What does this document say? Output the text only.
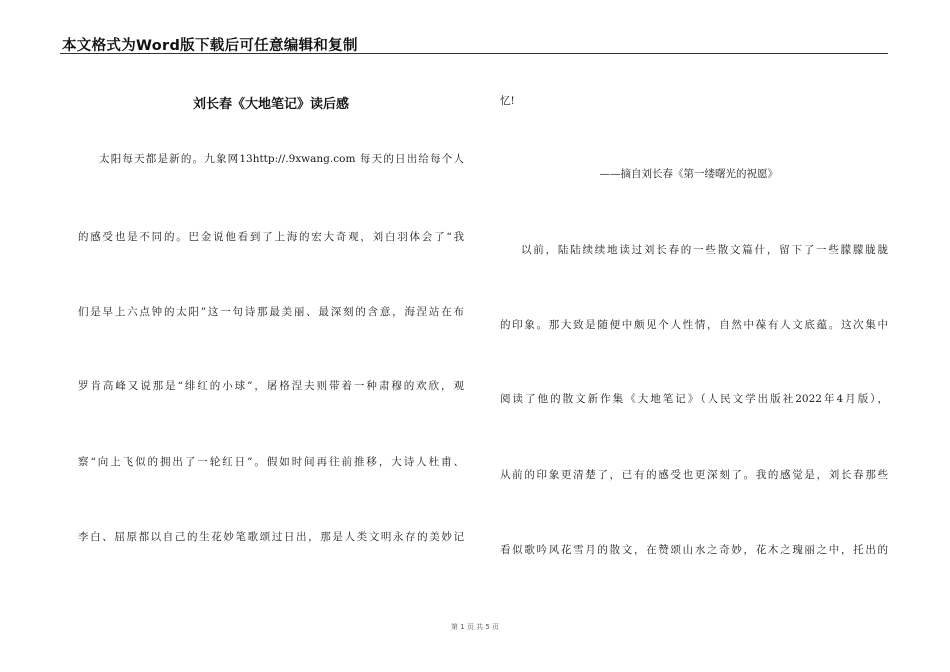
本文格式为Word版下载后可任意编辑和复制
刘长春《大地笔记》读后感
太阳每天都是新的。九象网13http://.9xwang.com 每天的日出给每个人
的感受也是不同的。巴金说他看到了上海的宏大奇观，刘白羽体会了“我
们是早上六点钟的太阳”这一句诗那最美丽、最深刻的含意，海涅站在布
罗肯高峰又说那是“绯红的小球”，屠格涅夫则带着一种肃穆的欢欣，观
察“向上飞似的拥出了一轮红日”。假如时间再往前推移，大诗人杜甫、
李白、屈原都以自己的生花妙笔歌颂过日出，那是人类文明永存的美妙记
忆!
——摘自刘长春《第一缕曙光的祝愿》
以前，陆陆续续地读过刘长春的一些散文篇什，留下了一些朦朦胧胧
的印象。那大致是随便中颇见个人性情，自然中葆有人文底蕴。这次集中
阅读了他的散文新作集《大地笔记》（人民文学出版社2022年4月版），
从前的印象更清楚了，已有的感受也更深刻了。我的感觉是，刘长春那些
看似歌吟风花雪月的散文，在赞颂山水之奇妙，花木之瑰丽之中，托出的
第 1 页 共 5 页
